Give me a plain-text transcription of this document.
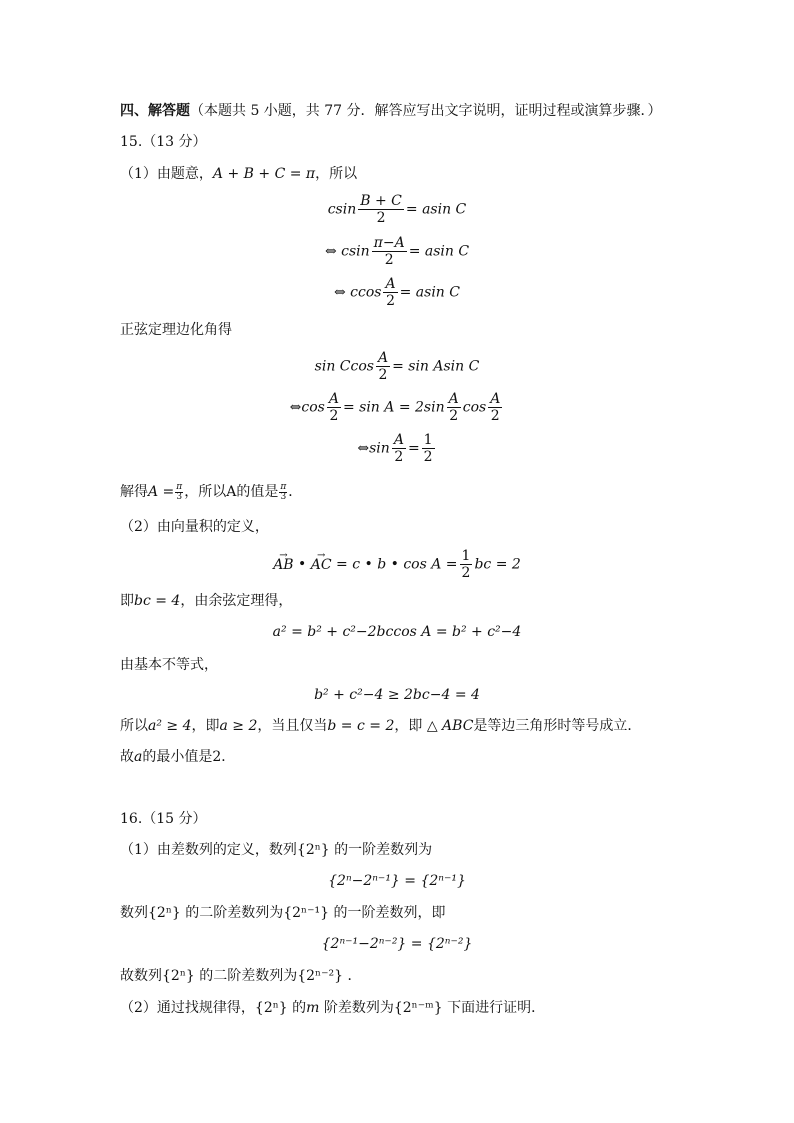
四、解答题（本题共 5 小题，共 77 分．解答应写出文字说明，证明过程或演算步骤．）
15.（13 分）
（1）由题意，A + B + C = π，所以
csin $\frac{B + C}{2} = asin$ C
⇔ csin $\frac{\pi-A}{2} = asin$ C
⇔ ccos $\frac{A}{2} = asin$ C
正弦定理边化角得
sin Ccos $\frac{A}{2} = \sin Asin$ C
⇔cos $\frac{A}{2} = \sin A = 2\sin \frac{A}{2}$ $\cos \frac{A}{2}$
⇔sin $\frac{A}{2} = \frac{1}{2}$
解得$A = \frac{\pi}{3}$ ，所以A的值是 $\frac{\pi}{3}$ ．
（2）由向量积的定义，
→ AB • → AC = c • b • $\cos A = \frac{1}{2}$ bc = 2
即bc = 4，由余弦定理得，
a² = b² + c²−2bccos A = b² + c²−4
由基本不等式，
b² + c²−4 ≥ 2bc−4 = 4
所以a² ≥ 4，即a ≥ 2，当且仅当b = c = 2，即 △ ABC是等边三角形时等号成立．
故a的最小值是2．
16.（15 分）
（1）由差数列的定义，数列{2ⁿ} 的一阶差数列为
{2ⁿ−2ⁿ⁻¹} = {2ⁿ⁻¹}
数列{2ⁿ} 的二阶差数列为{2ⁿ⁻¹} 的一阶差数列，即
{2ⁿ⁻¹−2ⁿ⁻²} = {2ⁿ⁻²}
故数列{2ⁿ} 的二阶差数列为{2ⁿ⁻²} ．
（2）通过找规律得，{2ⁿ} 的m 阶差数列为{2ⁿ⁻ᵐ} 下面进行证明．
